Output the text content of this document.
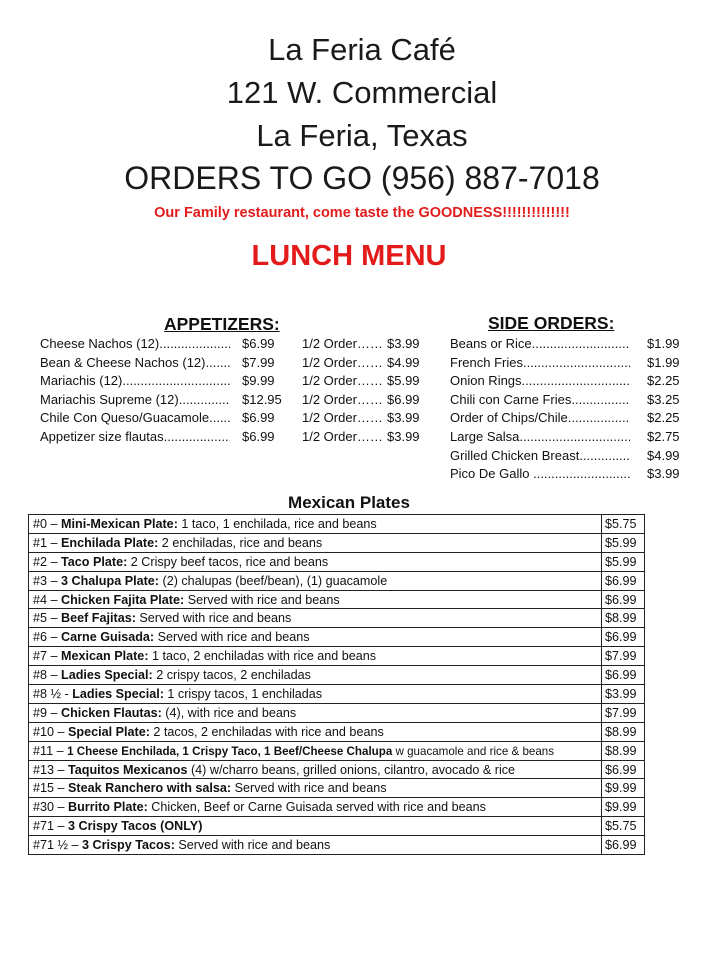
La Feria Café
121 W. Commercial
La Feria, Texas
ORDERS TO GO (956) 887-7018
Our Family restaurant, come taste the GOODNESS!!!!!!!!!!!!!!
LUNCH MENU
APPETIZERS:	SIDE ORDERS:
Cheese Nachos (12) .....	$6.99 1/2 Order…… $3.99
Bean & Cheese Nachos (12) .....	$7.99 1/2 Order…… $4.99
Mariachis (12) .....	$9.99 1/2 Order…… $5.99
Mariachis Supreme (12) .....	$12.95 1/2 Order…… $6.99
Chile Con Queso/Guacamole .....	$6.99 1/2 Order…… $3.99
Appetizer size flautas .....	$6.99 1/2 Order…… $3.99
Beans or Rice .....	$1.99
French Fries .....	$1.99
Onion Rings .....	$2.25
Chili con Carne Fries .....	$3.25
Order of Chips/Chile .....	$2.25
Large Salsa .....	$2.75
Grilled Chicken Breast .....	$4.99
Pico De Gallo .....	$3.99
Mexican Plates
#0 – Mini-Mexican Plate: 1 taco, 1 enchilada, rice and beans	$5.75
#1 – Enchilada Plate: 2 enchiladas, rice and beans	$5.99
#2 – Taco Plate: 2 Crispy beef tacos, rice and beans	$5.99
#3 – 3 Chalupa Plate: (2) chalupas (beef/bean), (1) guacamole	$6.99
#4 – Chicken Fajita Plate: Served with rice and beans	$6.99
#5 – Beef Fajitas: Served with rice and beans	$8.99
#6 – Carne Guisada: Served with rice and beans	$6.99
#7 – Mexican Plate: 1 taco, 2 enchiladas with rice and beans	$7.99
#8 – Ladies Special: 2 crispy tacos, 2 enchiladas	$6.99
#8 ½ - Ladies Special: 1 crispy tacos, 1 enchiladas	$3.99
#9 – Chicken Flautas: (4), with rice and beans	$7.99
#10 – Special Plate: 2 tacos, 2 enchiladas with rice and beans	$8.99
#11 – 1 Cheese Enchilada, 1 Crispy Taco, 1 Beef/Cheese Chalupa w guacamole and rice & beans	$8.99
#13 – Taquitos Mexicanos (4) w/charro beans, grilled onions, cilantro, avocado & rice	$6.99
#15 – Steak Ranchero with salsa: Served with rice and beans	$9.99
#30 – Burrito Plate: Chicken, Beef or Carne Guisada served with rice and beans	$9.99
#71 – 3 Crispy Tacos (ONLY)	$5.75
#71 ½ – 3 Crispy Tacos: Served with rice and beans	$6.99
